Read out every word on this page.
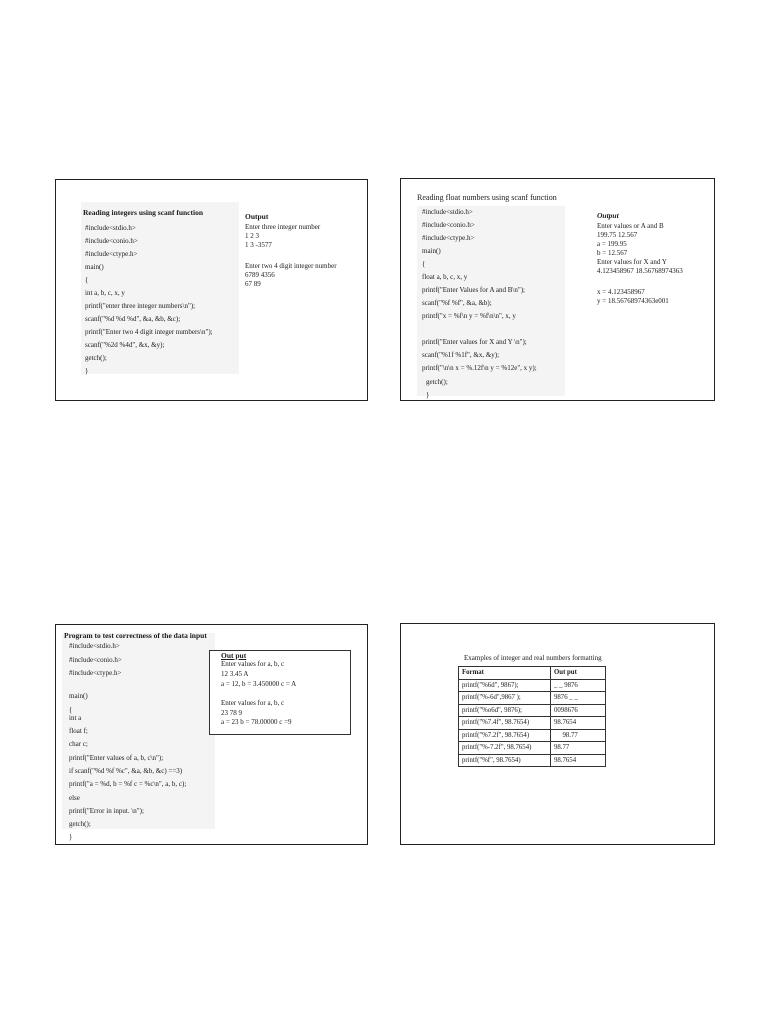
Reading integers using scanf function
#include<stdio.h>
#include<conio.h>
#include<ctype.h>
main()
{
int a, b, c, x, y
printf("enter three integer numbers\n");
scanf("%d %d %d", &a, &b, &c);
printf("Enter two 4 digit integer numbers\n");
scanf("%2d %4d", &x, &y);
getch();
}
Output
Enter three integer number
1 2 3
1 3 -3577
Enter two 4 digit integer number
6789 4356
67 89
Reading float numbers using scanf function
#include<stdio.h>
#include<conio.h>
#include<ctype.h>
main()
{
float a, b, c, x, y
printf("Enter Values for A and B\n");
scanf("%f %f", &a, &b);
printf("x = %f\n y = %f\n\n", x, y
printf("Enter values for X and Y \n");
scanf("%1f %1f", &x, &y);
printf("\n\n x = %.12f\n y = %12e", x y);
getch();
}
Output
Enter values or A and B
199.75 12.567
a = 199.95
b = 12.567
Enter values for X and Y
4.123458967 18.56768974363
x = 4.123458967
y = 18.56768974363e001
Program to test correctness of the data input
#include<stdio.h>
#include<conio.h>
#include<ctype.h>
main()
{
int a
float f;
char c;
printf("Enter values of a, b, c\n");
if scanf("%d %f %c", &a, &b, &c) ==3)
printf("a = %d, b = %f c = %c\n", a, b, c);
else
printf("Error in input. \n");
getch();
}
Out put
Enter values for a, b, c
12 3.45 A
a = 12, b = 3.450000 c = A
Enter values for a, b, c
23 78 9
a = 23 b = 78.00000 c =9
Examples of integer and real numbers formatting
Format	Out put
printf("%6d", 9867);	_ _ 9876
printf("%-6d",9867 );	9876 _ _
printf("%o6d", 9876);	0098676
printf("%7.4f", 98.7654)	98.7654
printf("%7.2f", 98.7654)	98.77
printf("%-7.2f", 98.7654)	98.77
printf("%f", 98.7654)	98.7654
